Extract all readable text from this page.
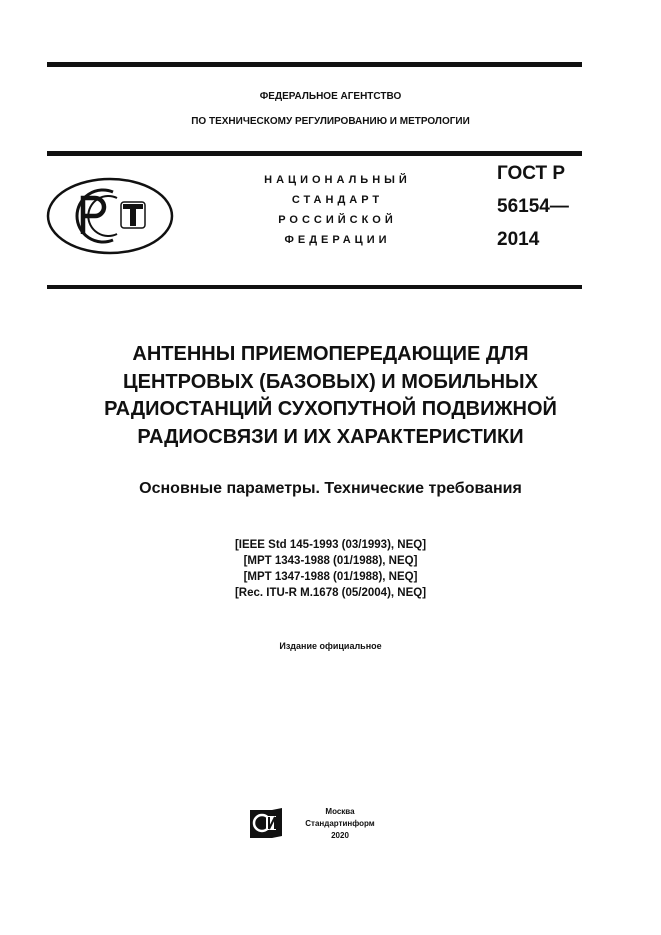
ФЕДЕРАЛЬНОЕ АГЕНТСТВО
ПО ТЕХНИЧЕСКОМУ РЕГУЛИРОВАНИЮ И МЕТРОЛОГИИ
НАЦИОНАЛЬНЫЙ
СТАНДАРТ
РОССИЙСКОЙ
ФЕДЕРАЦИИ
ГОСТ Р
56154—
2014
АНТЕННЫ ПРИЕМОПЕРЕДАЮЩИЕ ДЛЯ
ЦЕНТРОВЫХ (БАЗОВЫХ) И МОБИЛЬНЫХ
РАДИОСТАНЦИЙ СУХОПУТНОЙ ПОДВИЖНОЙ
РАДИОСВЯЗИ И ИХ ХАРАКТЕРИСТИКИ
Основные параметры. Технические требования
[IEEE Std 145-1993 (03/1993), NEQ]
[MPT 1343-1988 (01/1988), NEQ]
[MPT 1347-1988 (01/1988), NEQ]
[Rec. ITU-R M.1678 (05/2004), NEQ]
Издание официальное
Москва
Стандартинформ
2020
